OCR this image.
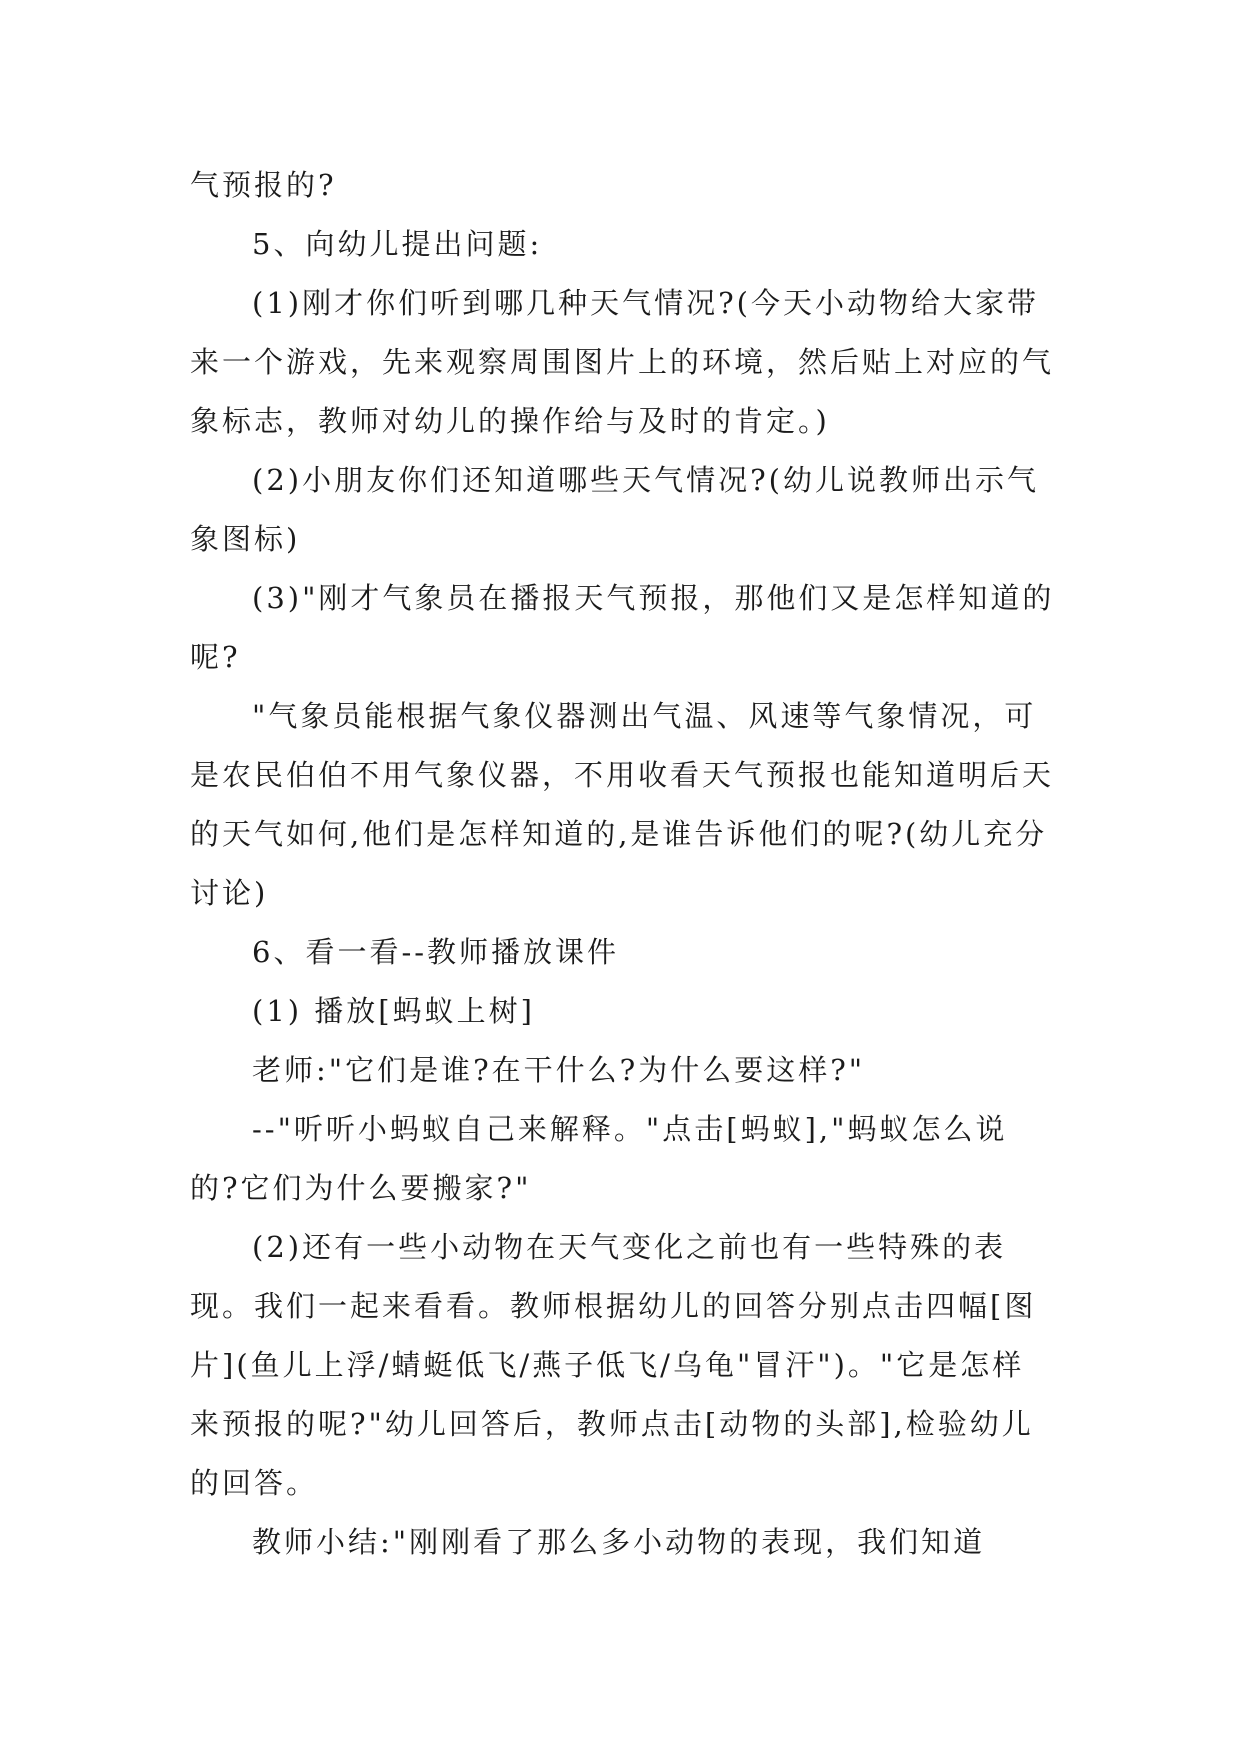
气预报的?

5、向幼儿提出问题:

(1)刚才你们听到哪几种天气情况?(今天小动物给大家带来一个游戏，先来观察周围图片上的环境，然后贴上对应的气象标志，教师对幼儿的操作给与及时的肯定。)

(2)小朋友你们还知道哪些天气情况?(幼儿说教师出示气象图标)

(3)"刚才气象员在播报天气预报，那他们又是怎样知道的呢?

"气象员能根据气象仪器测出气温、风速等气象情况，可是农民伯伯不用气象仪器，不用收看天气预报也能知道明后天的天气如何,他们是怎样知道的,是谁告诉他们的呢?(幼儿充分讨论)

6、看一看--教师播放课件

(1) 播放[蚂蚁上树]

老师:"它们是谁?在干什么?为什么要这样?"

--"听听小蚂蚁自己来解释。"点击[蚂蚁],"蚂蚁怎么说的?它们为什么要搬家?"

(2)还有一些小动物在天气变化之前也有一些特殊的表现。我们一起来看看。教师根据幼儿的回答分别点击四幅[图片](鱼儿上浮/蜻蜓低飞/燕子低飞/乌龟"冒汗")。"它是怎样来预报的呢?"幼儿回答后，教师点击[动物的头部],检验幼儿的回答。

教师小结:"刚刚看了那么多小动物的表现，我们知道
